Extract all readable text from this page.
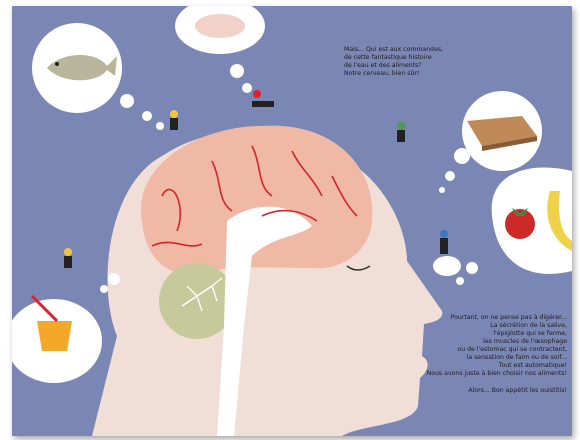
Mais... Qui est aux commandes,

de cette fantastique histoire

de l'eau et des aliments?

Notre cerveau, bien sûr!

Pourtant, on ne pense pas à digérer...

La sécrétion de la salive,

l'épiglotte qui se ferme,

les muscles de l'œsophage

ou de l'estomac qui se contractent,

la sensation de faim ou de soif...

Tout est automatique!

Nous avons juste à bien choisir nos aliments!

Alors... Bon appétit les ouistitis!
